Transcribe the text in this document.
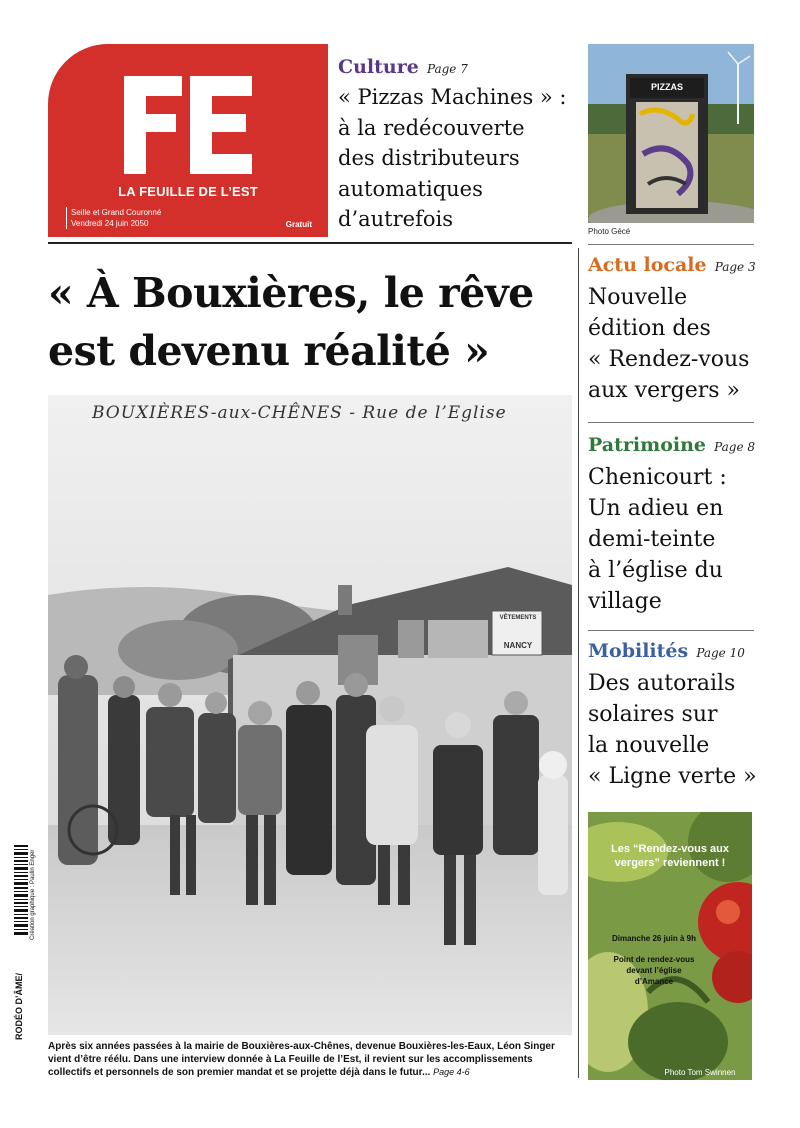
LA FEUILLE DE L’EST
Seille et Grand Couronné
Vendredi 24 juin 2050	Gratuit
Culture Page 7
« Pizzas Machines » :
à la redécouverte
des distributeurs
automatiques
d’autrefois
PIZZAS
Photo Gécé
« À Bouxières, le rêve
est devenu réalité »
BOUXIÈRES-aux-CHÊNES - Rue de l’Eglise
VÊTEMENTS
NANCY
Après six années passées à la mairie de Bouxières-aux-Chênes, devenue Bouxières-les-Eaux, Léon Singer vient d’être réélu. Dans une interview donnée à La Feuille de l’Est, il revient sur les accomplissements collectifs et personnels de son premier mandat et se projette déjà dans le futur... Page 4-6
Actu locale Page 3
Nouvelle
édition des
« Rendez-vous
aux vergers »
Patrimoine Page 8
Chenicourt :
Un adieu en
demi-teinte
à l’église du
village
Mobilités Page 10
Des autorails
solaires sur
la nouvelle
« Ligne verte »
Les “Rendez-vous aux
vergers” reviennent !
Dimanche 26 juin à 9h
Point de rendez-vous
devant l’église
d’Amance
Photo Tom Swinnen
Création graphique : Paulin Enger
RODÉO D’ÂME/
